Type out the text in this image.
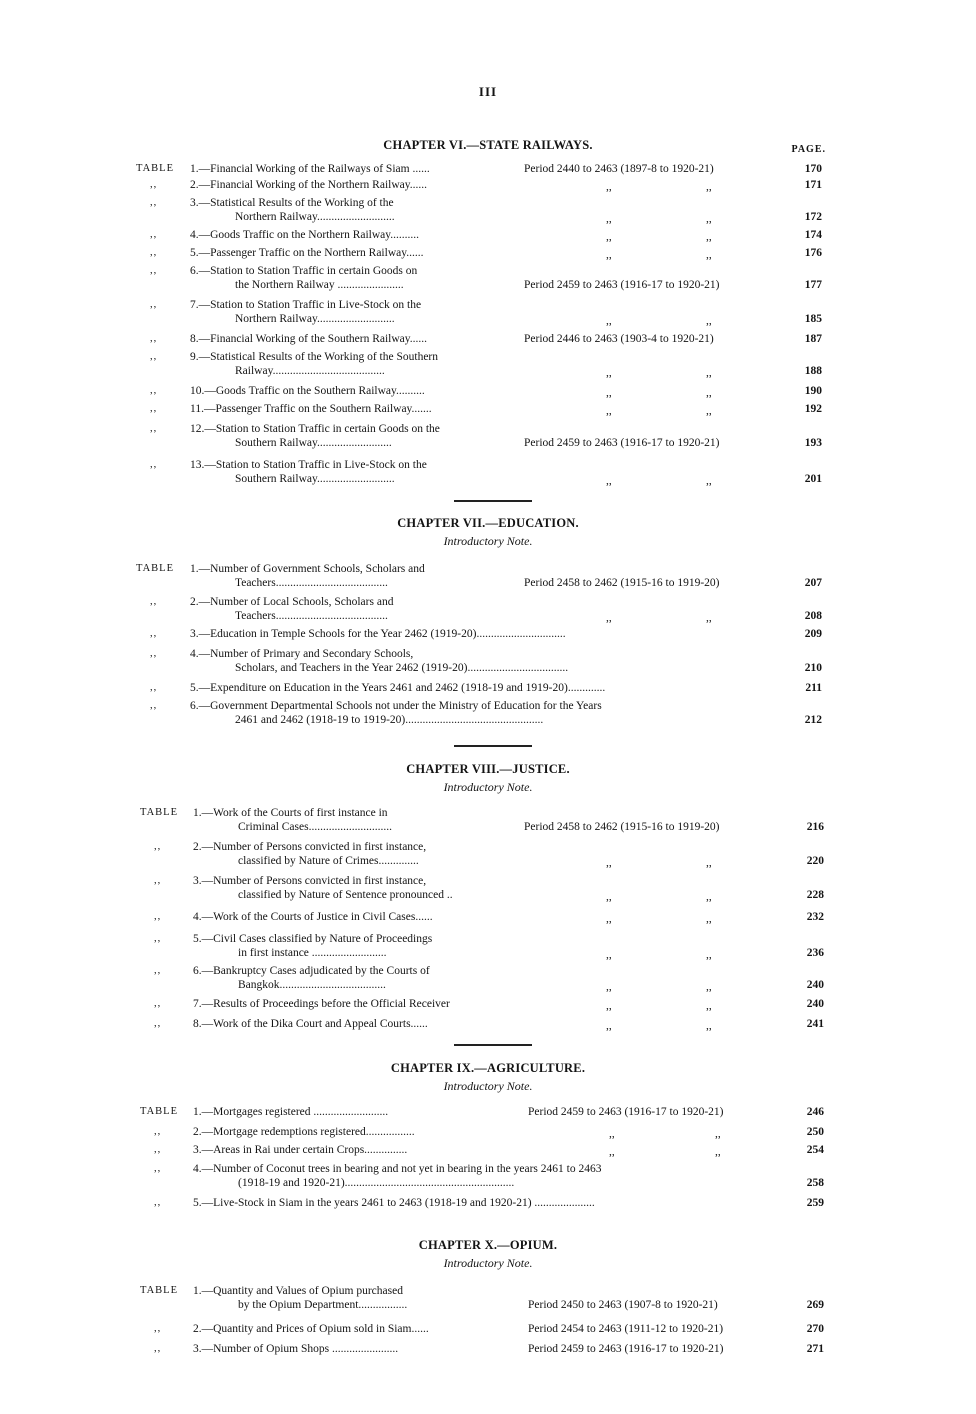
III
CHAPTER VI.—STATE RAILWAYS.	PAGE.
TABLE 1.—Financial Working of the Railways of Siam ......	Period 2440 to 2463 (1897-8 to 1920-21)	170
,,	2.—Financial Working of the Northern Railway......	,,	,,	171
,,	3.—Statistical Results of the Working of the
Northern Railway...........................	,,	,,	172
,,	4.—Goods Traffic on the Northern Railway..........	,,	,,	174
,,	5.—Passenger Traffic on the Northern Railway......	,,	,,	176
,,	6.—Station to Station Traffic in certain Goods on
the Northern Railway .......................	Period 2459 to 2463 (1916-17 to 1920-21)	177
,,	7.—Station to Station Traffic in Live-Stock on the
Northern Railway...........................	,,	,,	185
,,	8.—Financial Working of the Southern Railway......	Period 2446 to 2463 (1903-4 to 1920-21)	187
,,	9.—Statistical Results of the Working of the Southern
Railway.......................................	,,	,,	188
,,	10.—Goods Traffic on the Southern Railway..........	,,	,,	190
,,	11.—Passenger Traffic on the Southern Railway.......	,,	,,	192
,,	12.—Station to Station Traffic in certain Goods on the
Southern Railway..........................	Period 2459 to 2463 (1916-17 to 1920-21)	193
,,	13.—Station to Station Traffic in Live-Stock on the
Southern Railway...........................	,,	,,	201
CHAPTER VII.—EDUCATION.
Introductory Note.
TABLE 1.—Number of Government Schools, Scholars and
Teachers.......................................	Period 2458 to 2462 (1915-16 to 1919-20)	207
,,	2.—Number of Local Schools, Scholars and
Teachers.......................................	,,	,,	208
,,	3.—Education in Temple Schools for the Year 2462 (1919-20)...............................	209
,,	4.—Number of Primary and Secondary Schools,
Scholars, and Teachers in the Year 2462 (1919-20)...................................	210
,,	5.—Expenditure on Education in the Years 2461 and 2462 (1918-19 and 1919-20).............	211
,,	6.—Government Departmental Schools not under the Ministry of Education for the Years
2461 and 2462 (1918-19 to 1919-20)................................................	212
CHAPTER VIII.—JUSTICE.
Introductory Note.
TABLE 1.—Work of the Courts of first instance in
Criminal Cases.............................	Period 2458 to 2462 (1915-16 to 1919-20)	216
,,	2.—Number of Persons convicted in first instance,
classified by Nature of Crimes..............	,,	,,	220
,,	3.—Number of Persons convicted in first instance,
classified by Nature of Sentence pronounced ..	,,	,,	228
,,	4.—Work of the Courts of Justice in Civil Cases......	,,	,,	232
,,	5.—Civil Cases classified by Nature of Proceedings
in first instance ..........................	,,	,,	236
,,	6.—Bankruptcy Cases adjudicated by the Courts of
Bangkok.....................................	,,	,,	240
,,	7.—Results of Proceedings before the Official Receiver	,,	,,	240
,,	8.—Work of the Dika Court and Appeal Courts......	,,	,,	241
CHAPTER IX.—AGRICULTURE.
Introductory Note.
TABLE 1.—Mortgages registered ..........................	Period 2459 to 2463 (1916-17 to 1920-21)	246
,,	2.—Mortgage redemptions registered.................	,,	,,	250
,,	3.—Areas in Rai under certain Crops...............	,,	,,	254
,,	4.—Number of Coconut trees in bearing and not yet in bearing in the years 2461 to 2463
(1918-19 and 1920-21)...........................................................	258
,,	5.—Live-Stock in Siam in the years 2461 to 2463 (1918-19 and 1920-21) .....................	259
CHAPTER X.—OPIUM.
Introductory Note.
TABLE 1.—Quantity and Values of Opium purchased
by the Opium Department.................	Period 2450 to 2463 (1907-8 to 1920-21)	269
,,	2.—Quantity and Prices of Opium sold in Siam......	Period 2454 to 2463 (1911-12 to 1920-21)	270
,,	3.—Number of Opium Shops .......................	Period 2459 to 2463 (1916-17 to 1920-21)	271
